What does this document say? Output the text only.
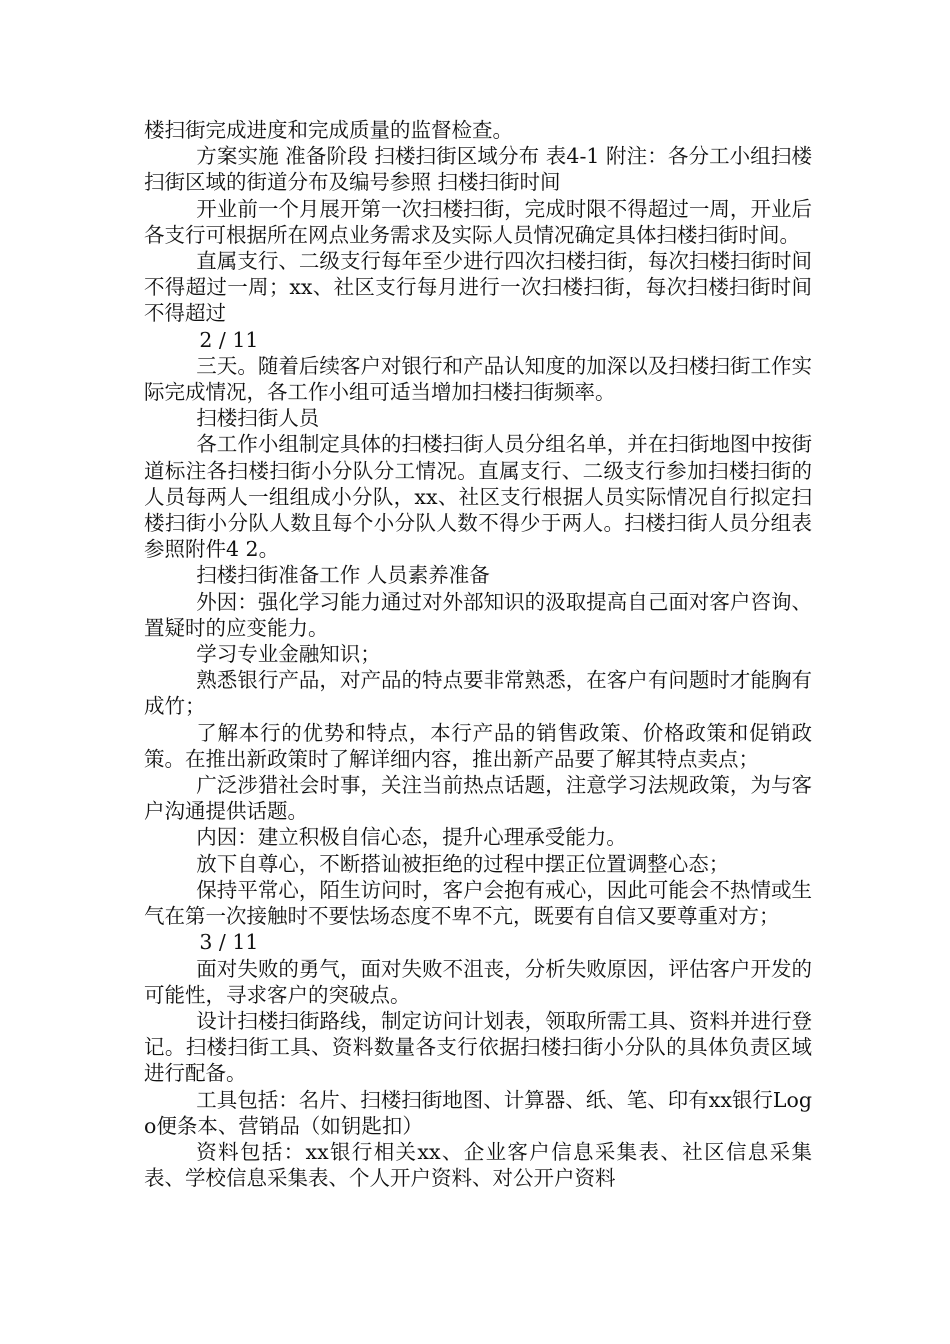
楼扫街完成进度和完成质量的监督检查。

方案实施 准备阶段 扫楼扫街区域分布 表4-1 附注：各分工小组扫楼扫街区域的街道分布及编号参照 扫楼扫街时间

开业前一个月展开第一次扫楼扫街，完成时限不得超过一周，开业后各支行可根据所在网点业务需求及实际人员情况确定具体扫楼扫街时间。

直属支行、二级支行每年至少进行四次扫楼扫街，每次扫楼扫街时间不得超过一周；xx、社区支行每月进行一次扫楼扫街，每次扫楼扫街时间不得超过

2 / 11

三天。随着后续客户对银行和产品认知度的加深以及扫楼扫街工作实际完成情况，各工作小组可适当增加扫楼扫街频率。

扫楼扫街人员

各工作小组制定具体的扫楼扫街人员分组名单，并在扫街地图中按街道标注各扫楼扫街小分队分工情况。直属支行、二级支行参加扫楼扫街的人员每两人一组组成小分队，xx、社区支行根据人员实际情况自行拟定扫楼扫街小分队人数且每个小分队人数不得少于两人。扫楼扫街人员分组表参照附件4 2。

扫楼扫街准备工作 人员素养准备

外因：强化学习能力通过对外部知识的汲取提高自己面对客户咨询、置疑时的应变能力。

学习专业金融知识；

熟悉银行产品，对产品的特点要非常熟悉，在客户有问题时才能胸有成竹；

了解本行的优势和特点，本行产品的销售政策、价格政策和促销政策。在推出新政策时了解详细内容，推出新产品要了解其特点卖点；

广泛涉猎社会时事，关注当前热点话题，注意学习法规政策，为与客户沟通提供话题。

内因：建立积极自信心态，提升心理承受能力。

放下自尊心，不断搭讪被拒绝的过程中摆正位置调整心态；

保持平常心，陌生访问时，客户会抱有戒心，因此可能会不热情或生气在第一次接触时不要怯场态度不卑不亢，既要有自信又要尊重对方；

3 / 11

面对失败的勇气，面对失败不沮丧，分析失败原因，评估客户开发的可能性，寻求客户的突破点。

设计扫楼扫街路线，制定访问计划表，领取所需工具、资料并进行登记。扫楼扫街工具、资料数量各支行依据扫楼扫街小分队的具体负责区域进行配备。

工具包括：名片、扫楼扫街地图、计算器、纸、笔、印有xx银行Logo便条本、营销品（如钥匙扣）

资料包括：xx银行相关xx、企业客户信息采集表、社区信息采集表、学校信息采集表、个人开户资料、对公开户资料
